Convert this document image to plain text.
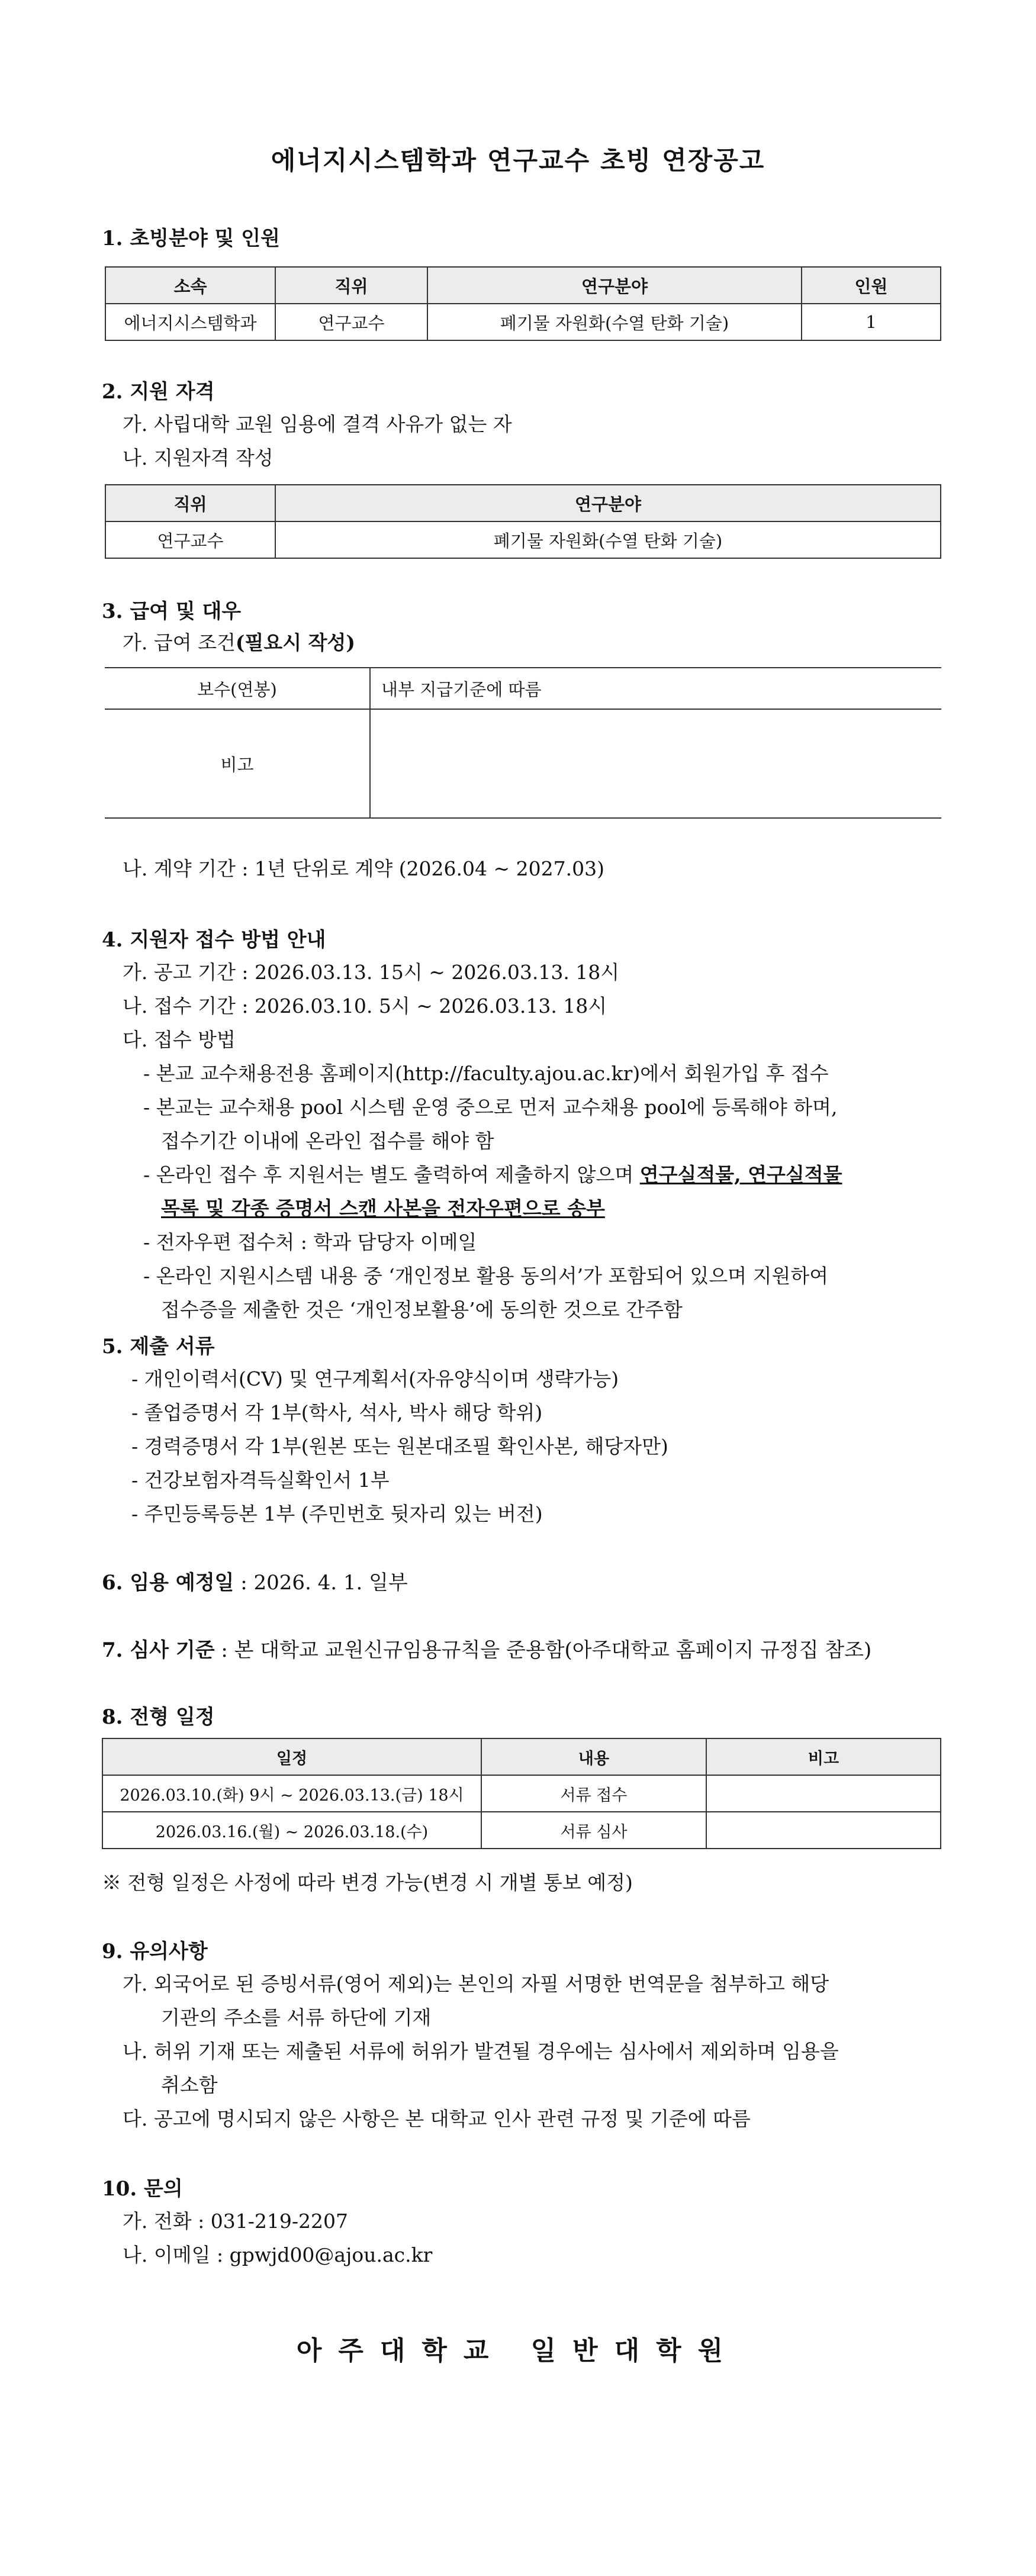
에너지시스템학과 연구교수 초빙 연장공고
1. 초빙분야 및 인원
소속	직위	연구분야	인원
에너지시스템학과	연구교수	폐기물 자원화(수열 탄화 기술)	1
2. 지원 자격
가. 사립대학 교원 임용에 결격 사유가 없는 자
나. 지원자격 작성
직위	연구분야
연구교수	폐기물 자원화(수열 탄화 기술)
3. 급여 및 대우
가. 급여 조건(필요시 작성)
보수(연봉)	내부 지급기준에 따름
비고	
나. 계약 기간 : 1년 단위로 계약 (2026.04 ~ 2027.03)
4. 지원자 접수 방법 안내
가. 공고 기간 : 2026.03.13. 15시 ~ 2026.03.13. 18시
나. 접수 기간 : 2026.03.10. 5시 ~ 2026.03.13. 18시
다. 접수 방법
- 본교 교수채용전용 홈페이지(http://faculty.ajou.ac.kr)에서 회원가입 후 접수
- 본교는 교수채용 pool 시스템 운영 중으로 먼저 교수채용 pool에 등록해야 하며,
접수기간 이내에 온라인 접수를 해야 함
- 온라인 접수 후 지원서는 별도 출력하여 제출하지 않으며 연구실적물, 연구실적물
목록 및 각종 증명서 스캔 사본을 전자우편으로 송부
- 전자우편 접수처 : 학과 담당자 이메일
- 온라인 지원시스템 내용 중 ‘개인정보 활용 동의서’가 포함되어 있으며 지원하여
접수증을 제출한 것은 ‘개인정보활용’에 동의한 것으로 간주함
5. 제출 서류
- 개인이력서(CV) 및 연구계획서(자유양식이며 생략가능)
- 졸업증명서 각 1부(학사, 석사, 박사 해당 학위)
- 경력증명서 각 1부(원본 또는 원본대조필 확인사본, 해당자만)
- 건강보험자격득실확인서 1부
- 주민등록등본 1부 (주민번호 뒷자리 있는 버전)
6. 임용 예정일 : 2026. 4. 1. 일부
7. 심사 기준 : 본 대학교 교원신규임용규칙을 준용함(아주대학교 홈페이지 규정집 참조)
8. 전형 일정
일정	내용	비고
2026.03.10.(화) 9시 ~ 2026.03.13.(금) 18시	서류 접수	
2026.03.16.(월) ~ 2026.03.18.(수)	서류 심사	
※ 전형 일정은 사정에 따라 변경 가능(변경 시 개별 통보 예정)
9. 유의사항
가. 외국어로 된 증빙서류(영어 제외)는 본인의 자필 서명한 번역문을 첨부하고 해당
기관의 주소를 서류 하단에 기재
나. 허위 기재 또는 제출된 서류에 허위가 발견될 경우에는 심사에서 제외하며 임용을
취소함
다. 공고에 명시되지 않은 사항은 본 대학교 인사 관련 규정 및 기준에 따름
10. 문의
가. 전화 : 031-219-2207
나. 이메일 : gpwjd00@ajou.ac.kr
아주대학교 일반대학원
